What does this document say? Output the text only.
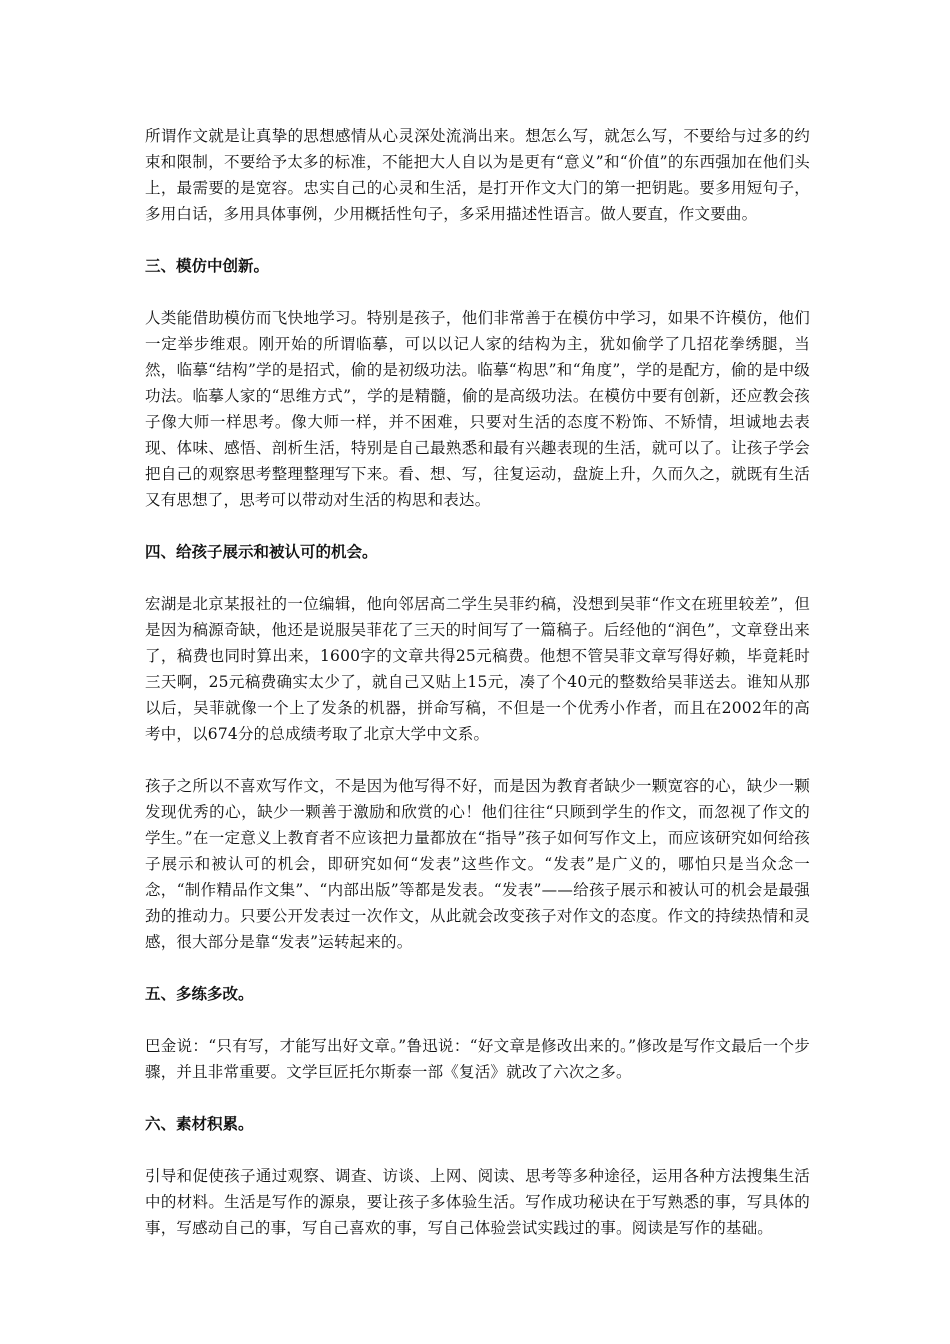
所谓作文就是让真挚的思想感情从心灵深处流淌出来。想怎么写，就怎么写，不要给与过多的约束和限制，不要给予太多的标准，不能把大人自以为是更有“意义”和“价值”的东西强加在他们头上，最需要的是宽容。忠实自己的心灵和生活，是打开作文大门的第一把钥匙。要多用短句子，多用白话，多用具体事例，少用概括性句子，多采用描述性语言。做人要直，作文要曲。

三、模仿中创新。

人类能借助模仿而飞快地学习。特别是孩子，他们非常善于在模仿中学习，如果不许模仿，他们一定举步维艰。刚开始的所谓临摹，可以以记人家的结构为主，犹如偷学了几招花拳绣腿，当然，临摹“结构”学的是招式，偷的是初级功法。临摹“构思”和“角度”，学的是配方，偷的是中级功法。临摹人家的“思维方式”，学的是精髓，偷的是高级功法。在模仿中要有创新，还应教会孩子像大师一样思考。像大师一样，并不困难，只要对生活的态度不粉饰、不矫情，坦诚地去表现、体味、感悟、剖析生活，特别是自己最熟悉和最有兴趣表现的生活，就可以了。让孩子学会把自己的观察思考整理整理写下来。看、想、写，往复运动，盘旋上升，久而久之，就既有生活又有思想了，思考可以带动对生活的构思和表达。

四、给孩子展示和被认可的机会。

宏湖是北京某报社的一位编辑，他向邻居高二学生吴菲约稿，没想到吴菲“作文在班里较差”，但是因为稿源奇缺，他还是说服吴菲花了三天的时间写了一篇稿子。后经他的“润色”，文章登出来了，稿费也同时算出来，1600字的文章共得25元稿费。他想不管吴菲文章写得好赖，毕竟耗时三天啊，25元稿费确实太少了，就自己又贴上15元，凑了个40元的整数给吴菲送去。谁知从那以后，吴菲就像一个上了发条的机器，拼命写稿，不但是一个优秀小作者，而且在2002年的高考中，以674分的总成绩考取了北京大学中文系。

孩子之所以不喜欢写作文，不是因为他写得不好，而是因为教育者缺少一颗宽容的心，缺少一颗发现优秀的心，缺少一颗善于激励和欣赏的心！他们往往“只顾到学生的作文，而忽视了作文的学生。”在一定意义上教育者不应该把力量都放在“指导”孩子如何写作文上，而应该研究如何给孩子展示和被认可的机会，即研究如何“发表”这些作文。“发表”是广义的，哪怕只是当众念一念，“制作精品作文集”、“内部出版”等都是发表。“发表”——给孩子展示和被认可的机会是最强劲的推动力。只要公开发表过一次作文，从此就会改变孩子对作文的态度。作文的持续热情和灵感，很大部分是靠“发表”运转起来的。

五、多练多改。

巴金说：“只有写，才能写出好文章。”鲁迅说：“好文章是修改出来的。”修改是写作文最后一个步骤，并且非常重要。文学巨匠托尔斯泰一部《复活》就改了六次之多。

六、素材积累。

引导和促使孩子通过观察、调查、访谈、上网、阅读、思考等多种途径，运用各种方法搜集生活中的材料。生活是写作的源泉，要让孩子多体验生活。写作成功秘诀在于写熟悉的事，写具体的事，写感动自己的事，写自己喜欢的事，写自己体验尝试实践过的事。阅读是写作的基础。
